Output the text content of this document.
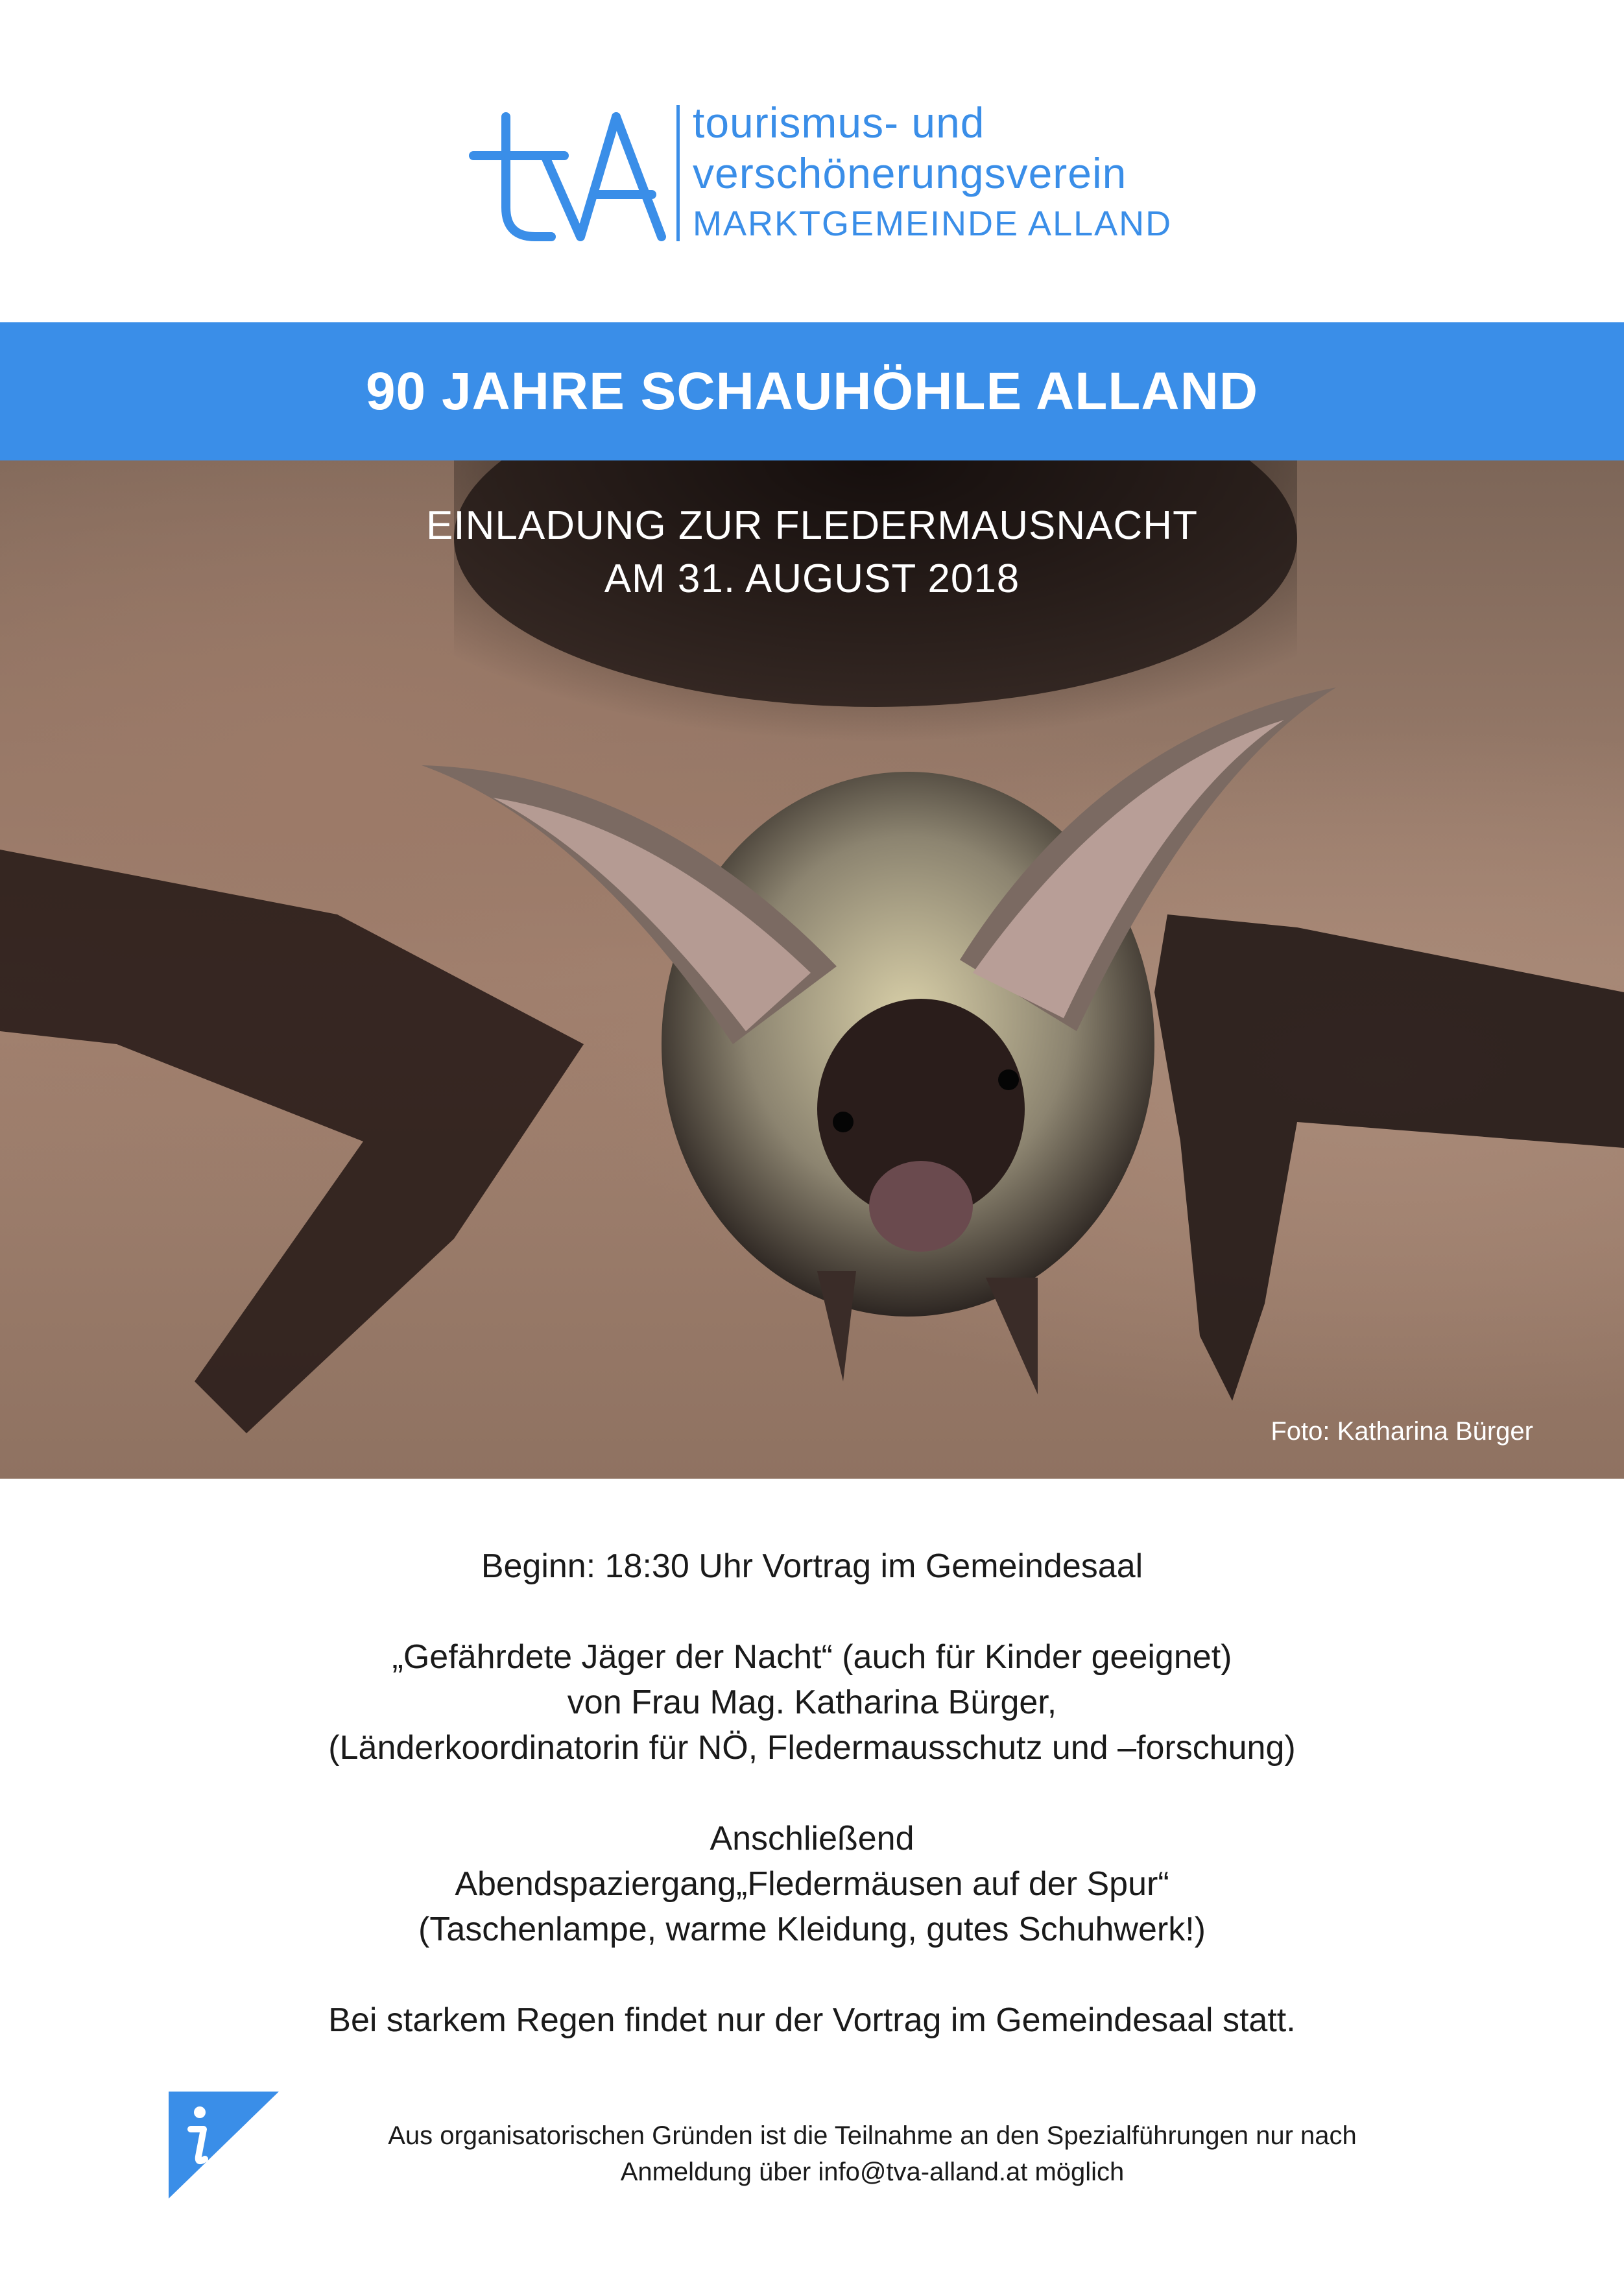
tourismus- und
verschönerungsverein
MARKTGEMEINDE ALLAND
90 JAHRE SCHAUHÖHLE ALLAND
EINLADUNG ZUR FLEDERMAUSNACHT
AM 31. AUGUST 2018
Foto: Katharina Bürger
Beginn: 18:30 Uhr Vortrag im Gemeindesaal
„Gefährdete Jäger der Nacht“ (auch für Kinder geeignet)
von Frau Mag. Katharina Bürger,
(Länderkoordinatorin für NÖ, Fledermausschutz und –forschung)
Anschließend
Abendspaziergang„Fledermäusen auf der Spur“
(Taschenlampe, warme Kleidung, gutes Schuhwerk!)
Bei starkem Regen findet nur der Vortrag im Gemeindesaal statt.
Aus organisatorischen Gründen ist die Teilnahme an den Spezialführungen nur nach
Anmeldung über info@tva-alland.at möglich
